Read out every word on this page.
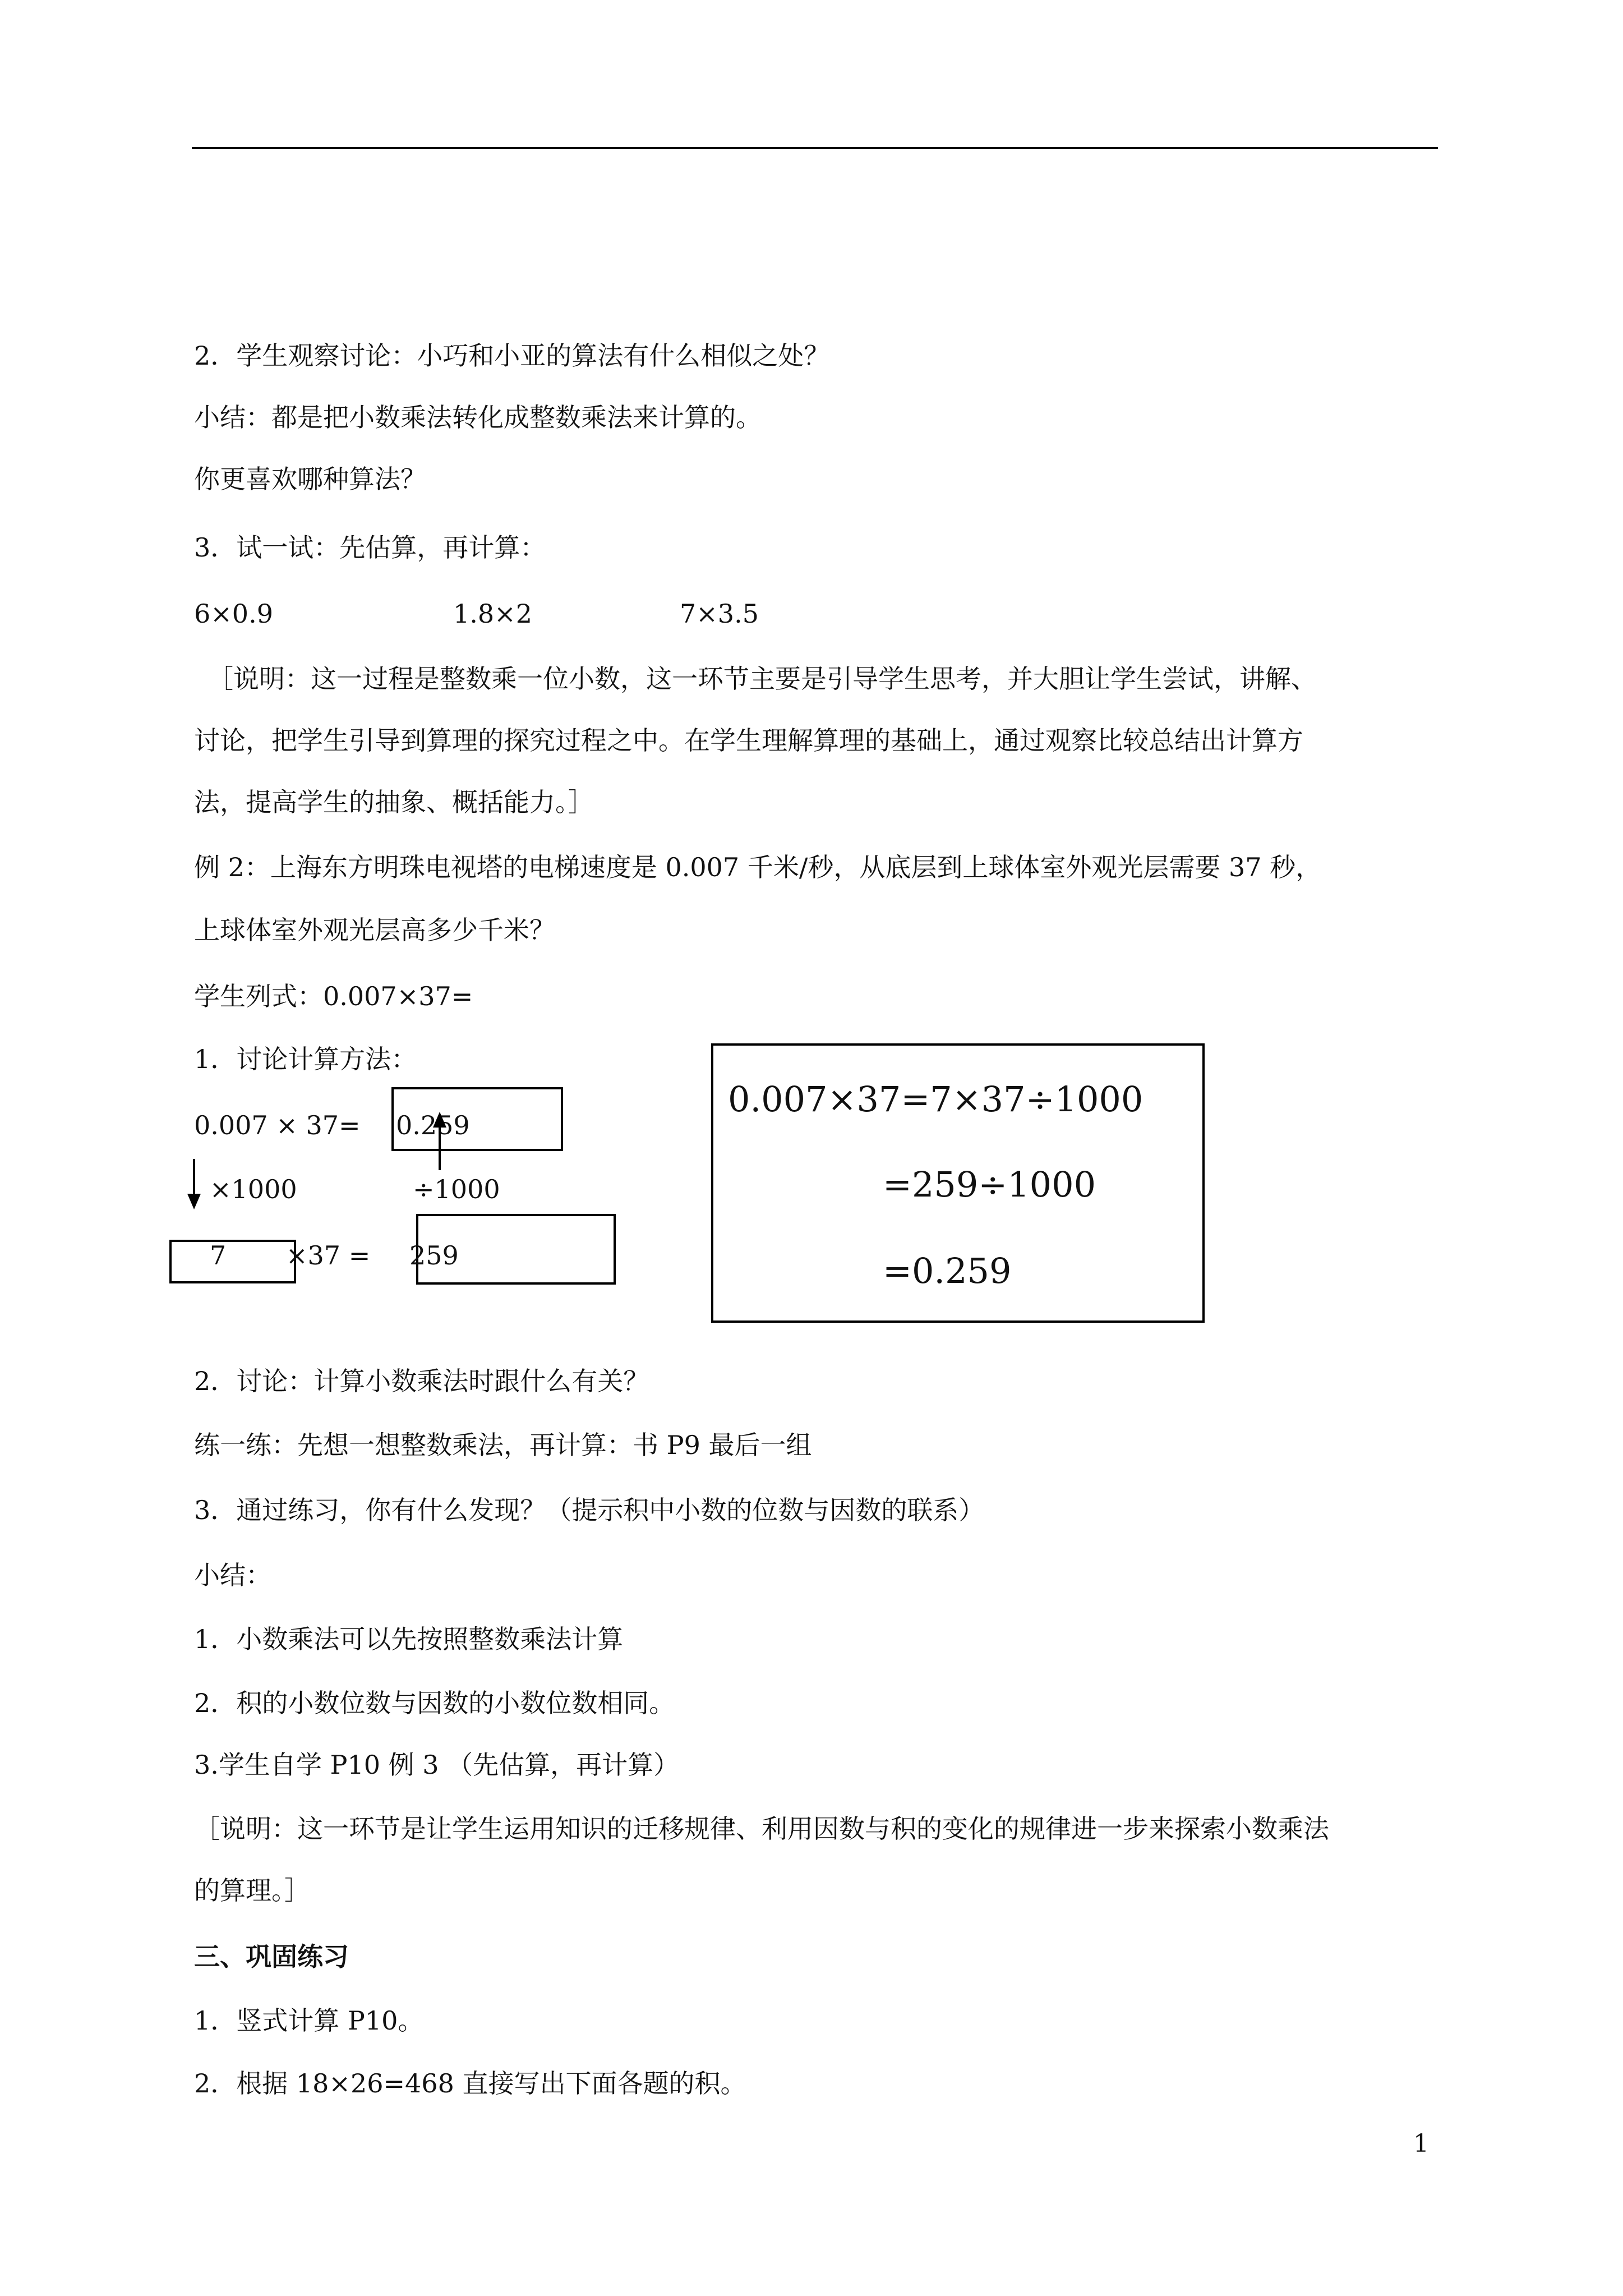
2．学生观察讨论：小巧和小亚的算法有什么相似之处？
小结：都是把小数乘法转化成整数乘法来计算的。
你更喜欢哪种算法？
3．试一试：先估算，再计算：
6×0.9	1.8×2	7×3.5
［说明：这一过程是整数乘一位小数，这一环节主要是引导学生思考，并大胆让学生尝试，讲解、
讨论，把学生引导到算理的探究过程之中。在学生理解算理的基础上，通过观察比较总结出计算方
法，提高学生的抽象、概括能力。］
例 2：上海东方明珠电视塔的电梯速度是 0.007 千米/秒，从底层到上球体室外观光层需要 37 秒，
上球体室外观光层高多少千米？
学生列式：0.007×37=
1．讨论计算方法：
0.007 × 37= 0.259
×1000	÷1000
7 ×37 = 259
0.007×37=7×37÷1000
=259÷1000
=0.259
2．讨论：计算小数乘法时跟什么有关？
练一练：先想一想整数乘法，再计算：书 P9 最后一组
3．通过练习，你有什么发现？（提示积中小数的位数与因数的联系）
小结：
1．小数乘法可以先按照整数乘法计算
2．积的小数位数与因数的小数位数相同。
3.学生自学 P10 例 3 （先估算，再计算）
［说明：这一环节是让学生运用知识的迁移规律、利用因数与积的变化的规律进一步来探索小数乘法
的算理。］
三、巩固练习
1．竖式计算 P10。
2．根据 18×26=468 直接写出下面各题的积。
1
